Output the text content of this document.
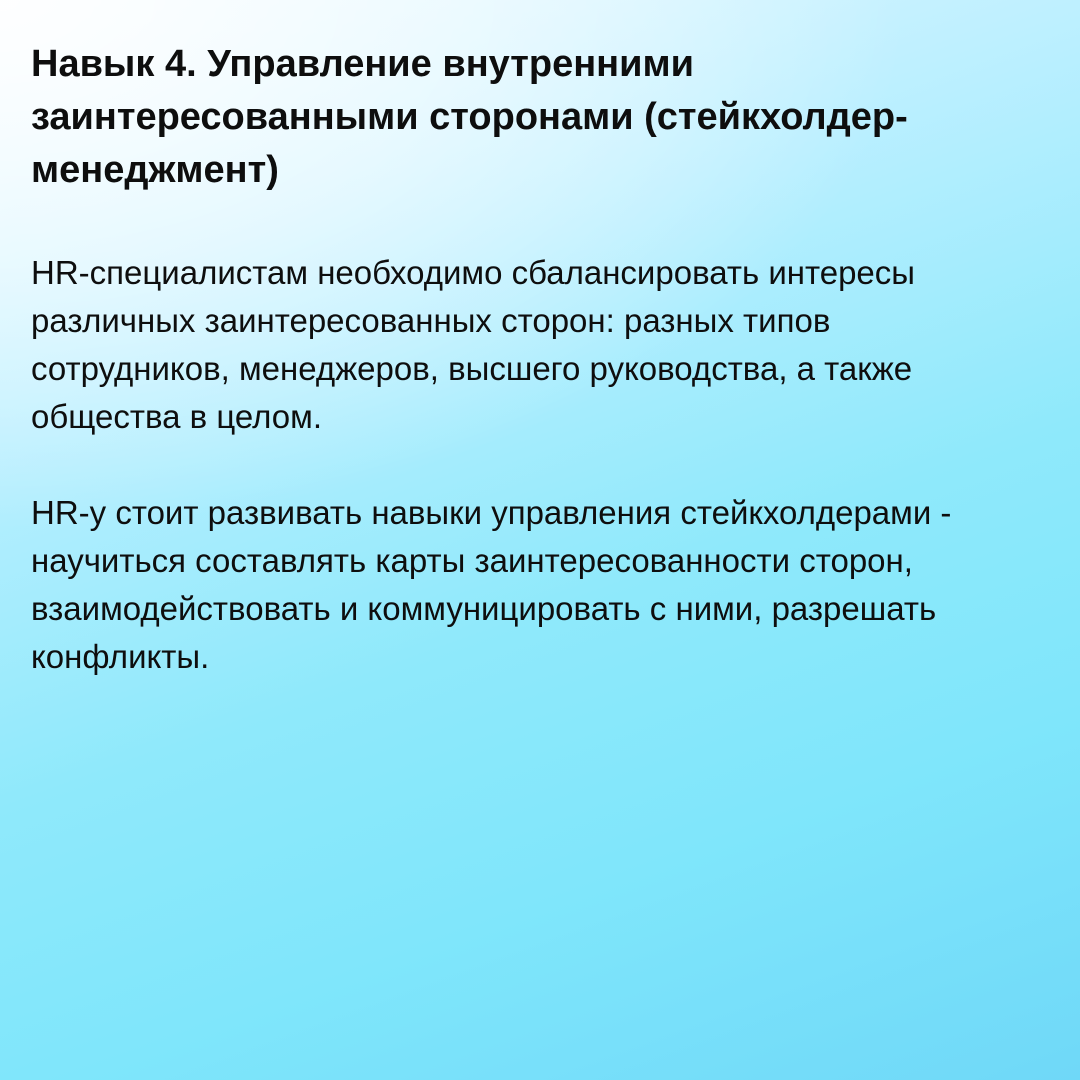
Навык 4. Управление внутренними заинтересованными сторонами (стейкхолдер-менеджмент)

HR-специалистам необходимо сбалансировать интересы различных заинтересованных сторон: разных типов сотрудников, менеджеров, высшего руководства, а также общества в целом.

HR-у стоит развивать навыки управления стейкхолдерами - научиться составлять карты заинтересованности сторон, взаимодействовать и коммуницировать с ними, разрешать конфликты.
